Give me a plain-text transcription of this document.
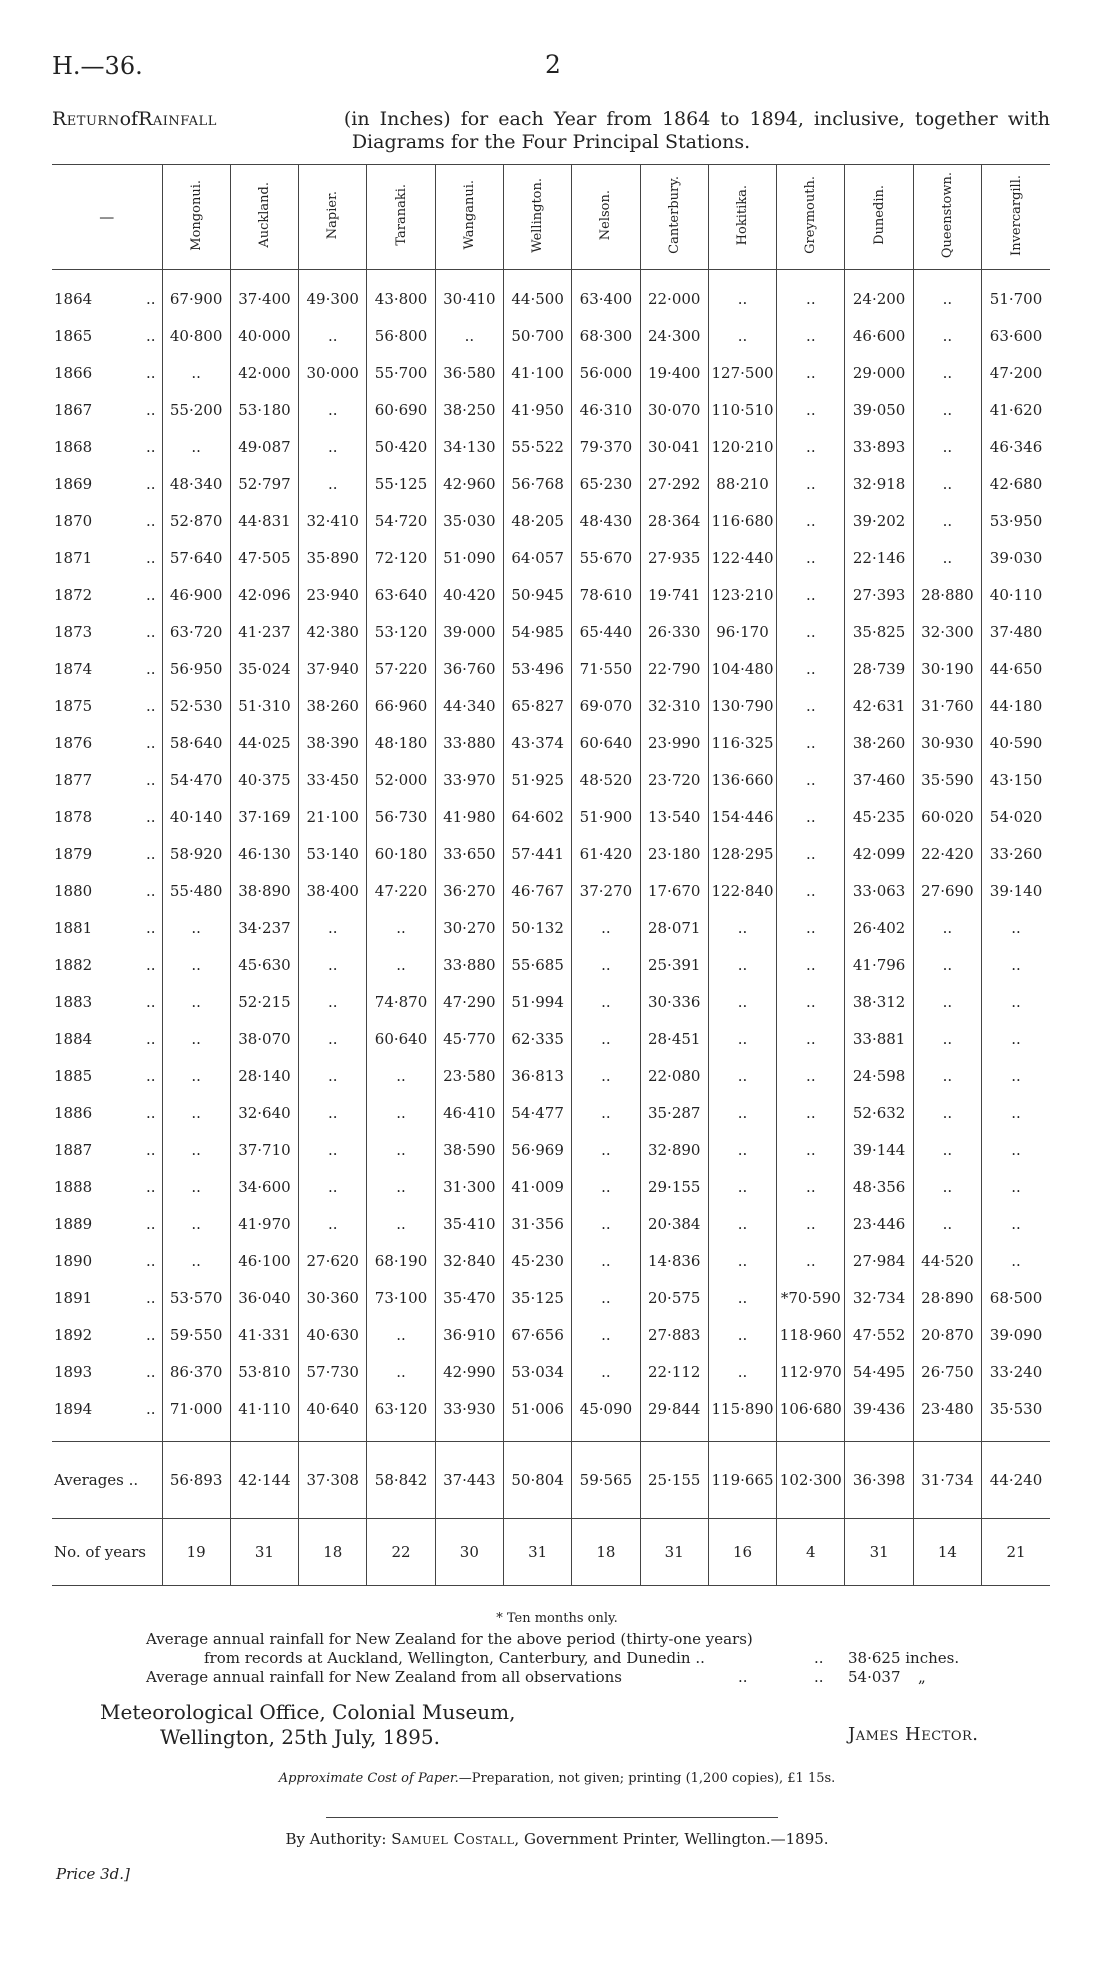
H.—36.	2
Return of Rainfall	(in Inches) for each Year from 1864 to 1894, inclusive, together with
Diagrams for the Four Principal Stations.
—	Mongonui.	Auckland.	Napier.	Taranaki.	Wanganui.	Wellington.	Nelson.	Canterbury.	Hokitika.	Greymouth.	Dunedin.	Queenstown.	Invercargill.
1864 ..	67·900	37·400	49·300	43·800	30·410	44·500	63·400	22·000	..	..	24·200	..	51·700
1865 ..	40·800	40·000	..	56·800	..	50·700	68·300	24·300	..	..	46·600	..	63·600
1866 ..	..	42·000	30·000	55·700	36·580	41·100	56·000	19·400	127·500	..	29·000	..	47·200
1867 ..	55·200	53·180	..	60·690	38·250	41·950	46·310	30·070	110·510	..	39·050	..	41·620
1868 ..	..	49·087	..	50·420	34·130	55·522	79·370	30·041	120·210	..	33·893	..	46·346
1869 ..	48·340	52·797	..	55·125	42·960	56·768	65·230	27·292	88·210	..	32·918	..	42·680
1870 ..	52·870	44·831	32·410	54·720	35·030	48·205	48·430	28·364	116·680	..	39·202	..	53·950
1871 ..	57·640	47·505	35·890	72·120	51·090	64·057	55·670	27·935	122·440	..	22·146	..	39·030
1872 ..	46·900	42·096	23·940	63·640	40·420	50·945	78·610	19·741	123·210	..	27·393	28·880	40·110
1873 ..	63·720	41·237	42·380	53·120	39·000	54·985	65·440	26·330	96·170	..	35·825	32·300	37·480
1874 ..	56·950	35·024	37·940	57·220	36·760	53·496	71·550	22·790	104·480	..	28·739	30·190	44·650
1875 ..	52·530	51·310	38·260	66·960	44·340	65·827	69·070	32·310	130·790	..	42·631	31·760	44·180
1876 ..	58·640	44·025	38·390	48·180	33·880	43·374	60·640	23·990	116·325	..	38·260	30·930	40·590
1877 ..	54·470	40·375	33·450	52·000	33·970	51·925	48·520	23·720	136·660	..	37·460	35·590	43·150
1878 ..	40·140	37·169	21·100	56·730	41·980	64·602	51·900	13·540	154·446	..	45·235	60·020	54·020
1879 ..	58·920	46·130	53·140	60·180	33·650	57·441	61·420	23·180	128·295	..	42·099	22·420	33·260
1880 ..	55·480	38·890	38·400	47·220	36·270	46·767	37·270	17·670	122·840	..	33·063	27·690	39·140
1881 ..	..	34·237	..	..	30·270	50·132	..	28·071	..	..	26·402	..	..
1882 ..	..	45·630	..	..	33·880	55·685	..	25·391	..	..	41·796	..	..
1883 ..	..	52·215	..	74·870	47·290	51·994	..	30·336	..	..	38·312	..	..
1884 ..	..	38·070	..	60·640	45·770	62·335	..	28·451	..	..	33·881	..	..
1885 ..	..	28·140	..	..	23·580	36·813	..	22·080	..	..	24·598	..	..
1886 ..	..	32·640	..	..	46·410	54·477	..	35·287	..	..	52·632	..	..
1887 ..	..	37·710	..	..	38·590	56·969	..	32·890	..	..	39·144	..	..
1888 ..	..	34·600	..	..	31·300	41·009	..	29·155	..	..	48·356	..	..
1889 ..	..	41·970	..	..	35·410	31·356	..	20·384	..	..	23·446	..	..
1890 ..	..	46·100	27·620	68·190	32·840	45·230	..	14·836	..	..	27·984	44·520	..
1891 ..	53·570	36·040	30·360	73·100	35·470	35·125	..	20·575	..	*70·590	32·734	28·890	68·500
1892 ..	59·550	41·331	40·630	..	36·910	67·656	..	27·883	..	118·960	47·552	20·870	39·090
1893 ..	86·370	53·810	57·730	..	42·990	53·034	..	22·112	..	112·970	54·495	26·750	33·240
1894 ..	71·000	41·110	40·640	63·120	33·930	51·006	45·090	29·844	115·890	106·680	39·436	23·480	35·530

Averages ..	56·893	42·144	37·308	58·842	37·443	50·804	59·565	25·155	119·665	102·300	36·398	31·734	44·240
No. of years	19	31	18	22	30	31	18	31	16	4	31	14	21
* Ten months only.
Average annual rainfall for New Zealand for the above period (thirty-one years)
from records at Auckland, Wellington, Canterbury, and Dunedin ..	.. 38·625 inches.
Average annual rainfall for New Zealand from all observations	..	.. 54·037 „
Meteorological Office, Colonial Museum,
Wellington, 25th July, 1895.	James Hector.
Approximate Cost of Paper.—Preparation, not given; printing (1,200 copies), £1 15s.
By Authority: Samuel Costall, Government Printer, Wellington.—1895.
Price 3d.]
